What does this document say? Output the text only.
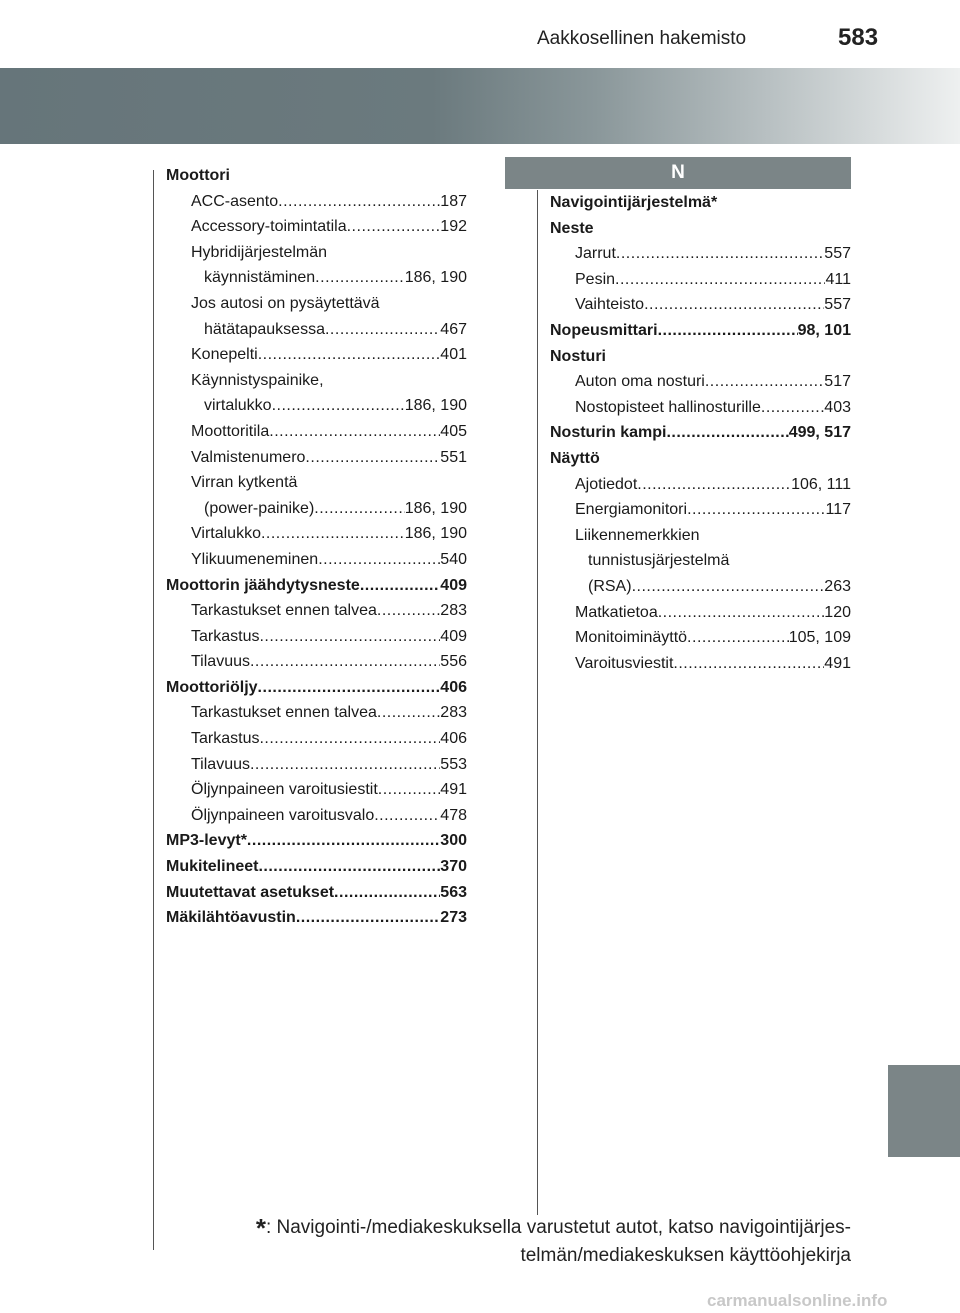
583
Aakkosellinen hakemisto
Moottori
ACC-asento .....	187
Accessory-toimintatila .....	192
Hybridijärjestelmän
käynnistäminen .....	186, 190
Jos autosi on pysäytettävä
hätätapauksessa .....	467
Konepelti .....	401
Käynnistyspainike,
virtalukko .....	186, 190
Moottoritila .....	405
Valmistenumero .....	551
Virran kytkentä
(power-painike) .....	186, 190
Virtalukko .....	186, 190
Ylikuumeneminen .....	540
Moottorin jäähdytysneste .....	409
Tarkastukset ennen talvea .....	283
Tarkastus .....	409
Tilavuus .....	556
Moottoriöljy .....	406
Tarkastukset ennen talvea .....	283
Tarkastus .....	406
Tilavuus .....	553
Öljynpaineen varoitusiestit .....	491
Öljynpaineen varoitusvalo .....	478
MP3-levyt* .....	300
Mukitelineet .....	370
Muutettavat asetukset .....	563
Mäkilähtöavustin .....	273
N
Navigointijärjestelmä*
Neste
Jarrut .....	557
Pesin .....	411
Vaihteisto .....	557
Nopeusmittari .....	98, 101
Nosturi
Auton oma nosturi .....	517
Nostopisteet hallinosturille .....	403
Nosturin kampi .....	499, 517
Näyttö
Ajotiedot .....	106, 111
Energiamonitori .....	117
Liikennemerkkien
tunnistusjärjestelmä
(RSA) .....	263
Matkatietoa .....	120
Monitoiminäyttö .....	105, 109
Varoitusviestit .....	491
*: Navigointi-/mediakeskuksella varustetut autot, katso navigointijärjes-
telmän/mediakeskuksen käyttöohjekirja
carmanualsonline.info
